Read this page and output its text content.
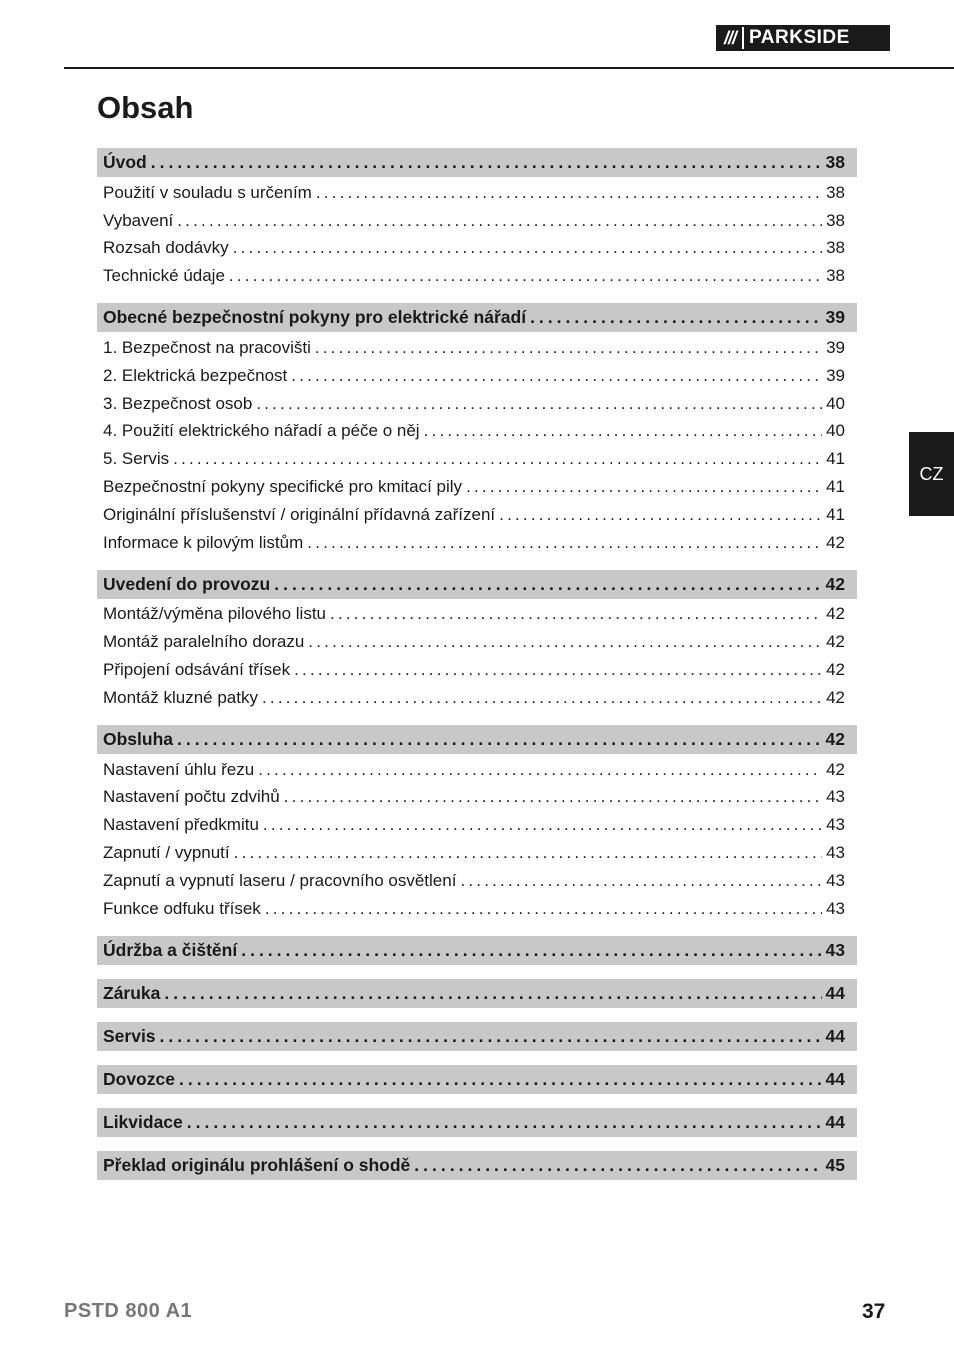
/// PARKSIDE
Obsah
CZ
Úvod .....	38
Použití v souladu s určením .....	38
Vybavení .....	38
Rozsah dodávky .....	38
Technické údaje .....	38
Obecné bezpečnostní pokyny pro elektrické nářadí .....	39
1. Bezpečnost na pracovišti .....	39
2. Elektrická bezpečnost .....	39
3. Bezpečnost osob .....	40
4. Použití elektrického nářadí a péče o něj .....	40
5. Servis .....	41
Bezpečnostní pokyny specifické pro kmitací pily .....	41
Originální příslušenství / originální přídavná zařízení .....	41
Informace k pilovým listům .....	42
Uvedení do provozu .....	42
Montáž/výměna pilového listu .....	42
Montáž paralelního dorazu .....	42
Připojení odsávání třísek .....	42
Montáž kluzné patky .....	42
Obsluha .....	42
Nastavení úhlu řezu .....	42
Nastavení počtu zdvihů .....	43
Nastavení předkmitu .....	43
Zapnutí / vypnutí .....	43
Zapnutí a vypnutí laseru / pracovního osvětlení .....	43
Funkce odfuku třísek .....	43
Údržba a čištění .....	43
Záruka .....	44
Servis .....	44
Dovozce .....	44
Likvidace .....	44
Překlad originálu prohlášení o shodě .....	45
PSTD 800 A1	37
